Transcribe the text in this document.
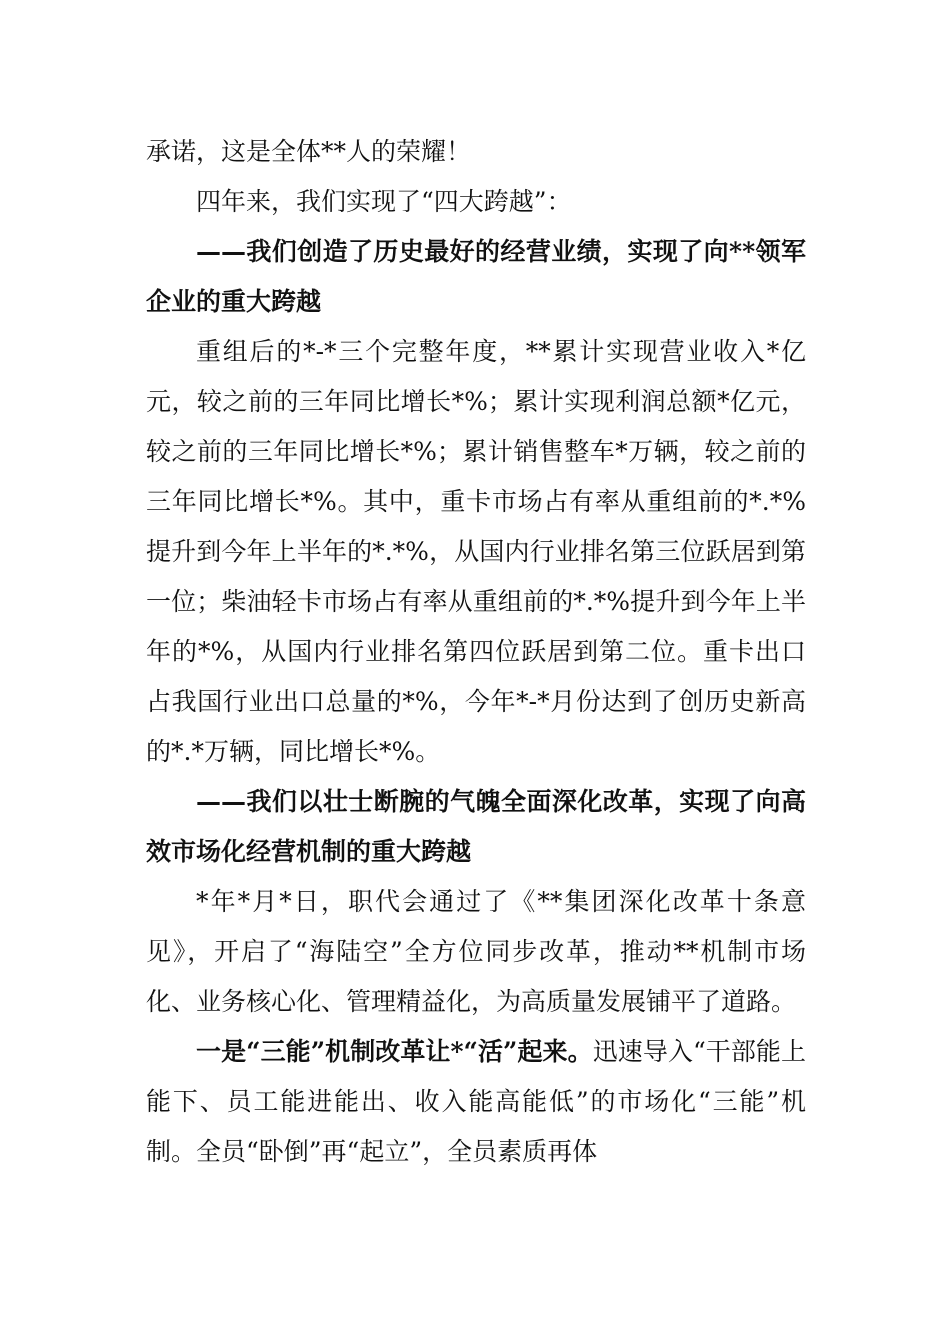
承诺，这是全体**人的荣耀！

四年来，我们实现了“四大跨越”：

——我们创造了历史最好的经营业绩，实现了向**领军企业的重大跨越

重组后的*-*三个完整年度，**累计实现营业收入*亿元，较之前的三年同比增长*%；累计实现利润总额*亿元，较之前的三年同比增长*%；累计销售整车*万辆，较之前的三年同比增长*%。其中，重卡市场占有率从重组前的*.*%提升到今年上半年的*.*%，从国内行业排名第三位跃居到第一位；柴油轻卡市场占有率从重组前的*.*%提升到今年上半年的*%，从国内行业排名第四位跃居到第二位。重卡出口占我国行业出口总量的*%，今年*-*月份达到了创历史新高的*.*万辆，同比增长*%。

——我们以壮士断腕的气魄全面深化改革，实现了向高效市场化经营机制的重大跨越

*年*月*日，职代会通过了《**集团深化改革十条意见》，开启了“海陆空”全方位同步改革，推动**机制市场化、业务核心化、管理精益化，为高质量发展铺平了道路。

一是“三能”机制改革让*“活”起来。迅速导入“干部能上能下、员工能进能出、收入能高能低”的市场化“三能”机制。全员“卧倒”再“起立”，全员素质再体
